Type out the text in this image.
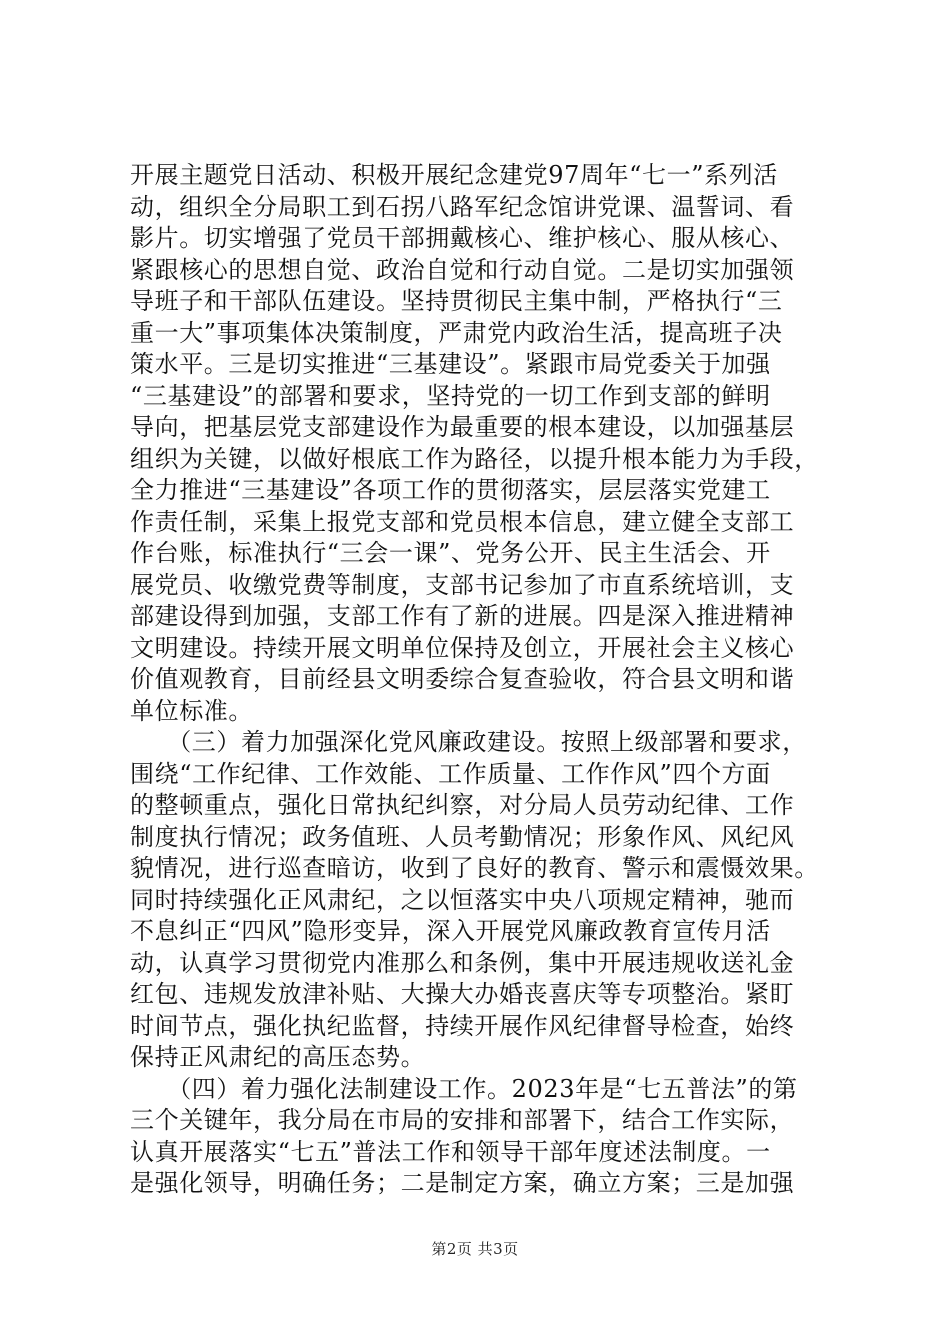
开展主题党日活动、积极开展纪念建党97周年“七一”系列活
动，组织全分局职工到石拐八路军纪念馆讲党课、温誓词、看
影片。切实增强了党员干部拥戴核心、维护核心、服从核心、
紧跟核心的思想自觉、政治自觉和行动自觉。二是切实加强领
导班子和干部队伍建设。坚持贯彻民主集中制，严格执行“三
重一大”事项集体决策制度，严肃党内政治生活，提高班子决
策水平。三是切实推进“三基建设”。紧跟市局党委关于加强
“三基建设”的部署和要求，坚持党的一切工作到支部的鲜明
导向，把基层党支部建设作为最重要的根本建设，以加强基层
组织为关键，以做好根底工作为路径，以提升根本能力为手段，
全力推进“三基建设”各项工作的贯彻落实，层层落实党建工
作责任制，采集上报党支部和党员根本信息，建立健全支部工
作台账，标准执行“三会一课”、党务公开、民主生活会、开
展党员、收缴党费等制度，支部书记参加了市直系统培训，支
部建设得到加强，支部工作有了新的进展。四是深入推进精神
文明建设。持续开展文明单位保持及创立，开展社会主义核心
价值观教育，目前经县文明委综合复查验收，符合县文明和谐
单位标准。
　　（三）着力加强深化党风廉政建设。按照上级部署和要求，
围绕“工作纪律、工作效能、工作质量、工作作风”四个方面
的整顿重点，强化日常执纪纠察，对分局人员劳动纪律、工作
制度执行情况；政务值班、人员考勤情况；形象作风、风纪风
貌情况，进行巡查暗访，收到了良好的教育、警示和震慑效果。
同时持续强化正风肃纪，之以恒落实中央八项规定精神，驰而
不息纠正“四风”隐形变异，深入开展党风廉政教育宣传月活
动，认真学习贯彻党内准那么和条例，集中开展违规收送礼金
红包、违规发放津补贴、大操大办婚丧喜庆等专项整治。紧盯
时间节点，强化执纪监督，持续开展作风纪律督导检查，始终
保持正风肃纪的高压态势。
　　（四）着力强化法制建设工作。2023年是“七五普法”的第
三个关键年，我分局在市局的安排和部署下，结合工作实际，
认真开展落实“七五”普法工作和领导干部年度述法制度。一
是强化领导，明确任务；二是制定方案，确立方案；三是加强
第2页 共3页
